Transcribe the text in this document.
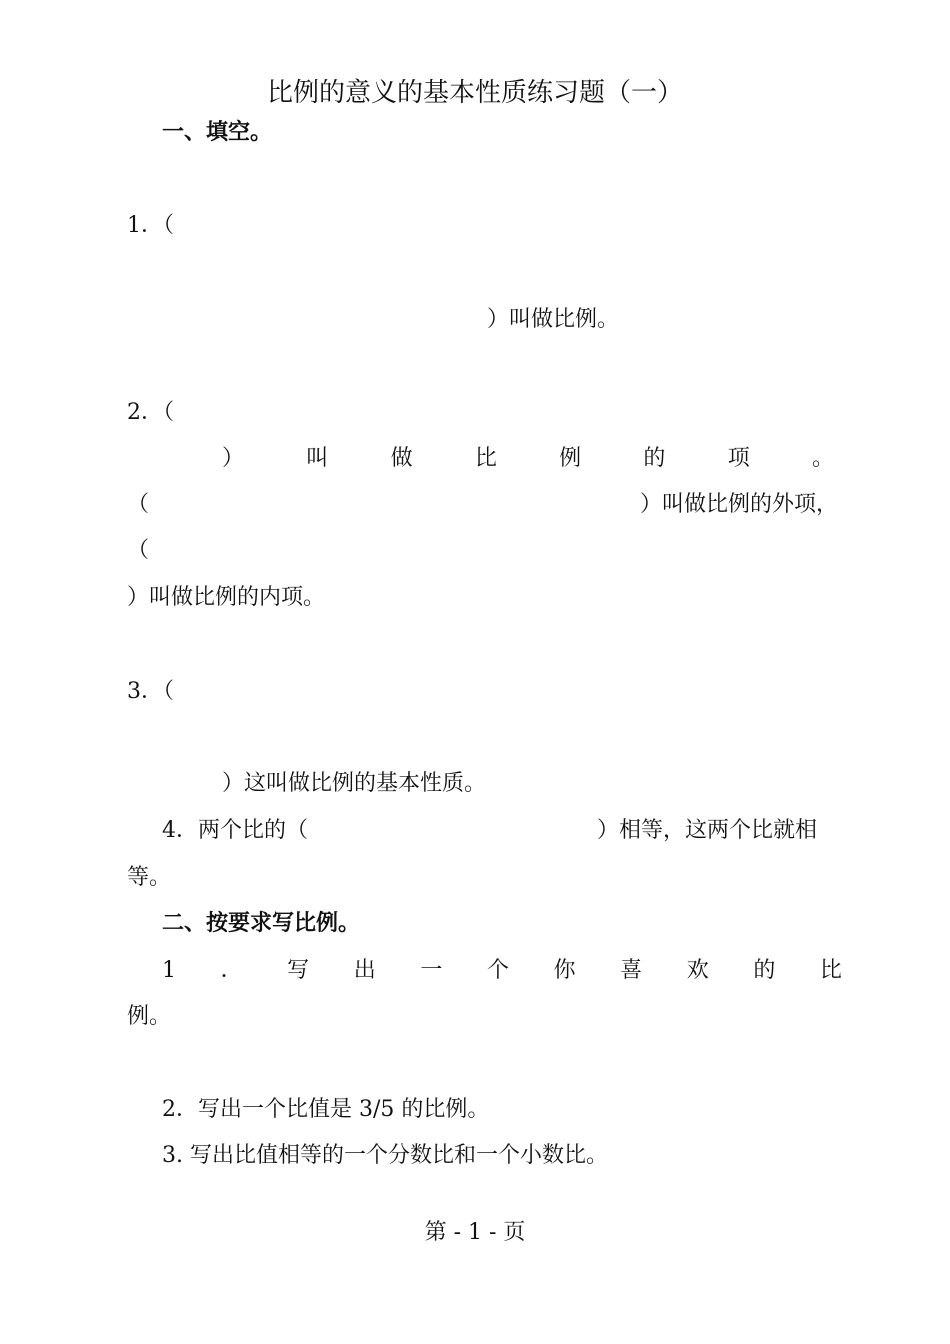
比例的意义的基本性质练习题（一）
一、填空。
1．（
）叫做比例。
2．（
）	叫	做	比	例	的	项	。
（	）叫做比例的外项，
（
）叫做比例的内项。
3．（
）这叫做比例的基本性质。
4．两个比的（	）相等，这两个比就相
等。
二、按要求写比例。
1 ． 写 出 一 个 你 喜 欢 的 比
例。
2．写出一个比值是 3/5 的比例。
3. 写出比值相等的一个分数比和一个小数比。
第 - 1 - 页
